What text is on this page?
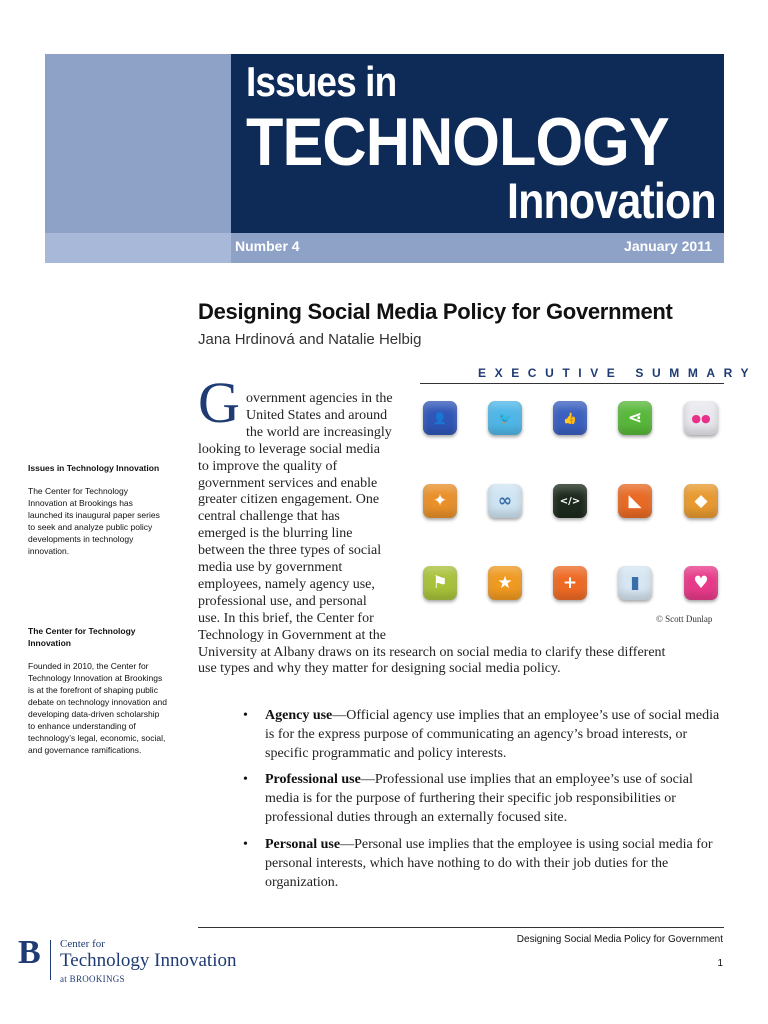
Issues in
TECHNOLOGY
Innovation
Number 4	January 2011
Designing Social Media Policy for Government
Jana Hrdinová and Natalie Helbig
EXECUTIVE SUMMARY
Issues in Technology Innovation
The Center for Technology Innovation at Brookings has launched its inaugural paper series to seek and analyze public policy developments in technology innovation.
The Center for Technology Innovation
Founded in 2010, the Center for Technology Innovation at Brookings is at the forefront of shaping public debate on technology innovation and developing data-driven scholarship to enhance understanding of technology’s legal, economic, social, and governance ramifications.
G overnment agencies in the
United States and around
the world are increasingly
looking to leverage social media
to improve the quality of
government services and enable
greater citizen engagement. One
central challenge that has
emerged is the blurring line
between the three types of social
media use by government
employees, namely agency use,
professional use, and personal
use. In this brief, the Center for
Technology in Government at the
University at Albany draws on its research on social media to clarify these different
use types and why they matter for designing social media policy.
👤	🐦	👍	⋖	●●
✦	∞	</>	◣	◆
⚑	★	+	▮	♥
© Scott Dunlap
• Agency use—Official agency use implies that an employee’s use of social media is for the express purpose of communicating an agency’s broad interests, or specific programmatic and policy interests.
• Professional use—Professional use implies that an employee’s use of social media is for the purpose of furthering their specific job responsibilities or professional duties through an externally focused site.
• Personal use—Personal use implies that the employee is using social media for personal interests, which have nothing to do with their job duties for the organization.
Designing Social Media Policy for Government
1
B Center for
Technology Innovation
at BROOKINGS
